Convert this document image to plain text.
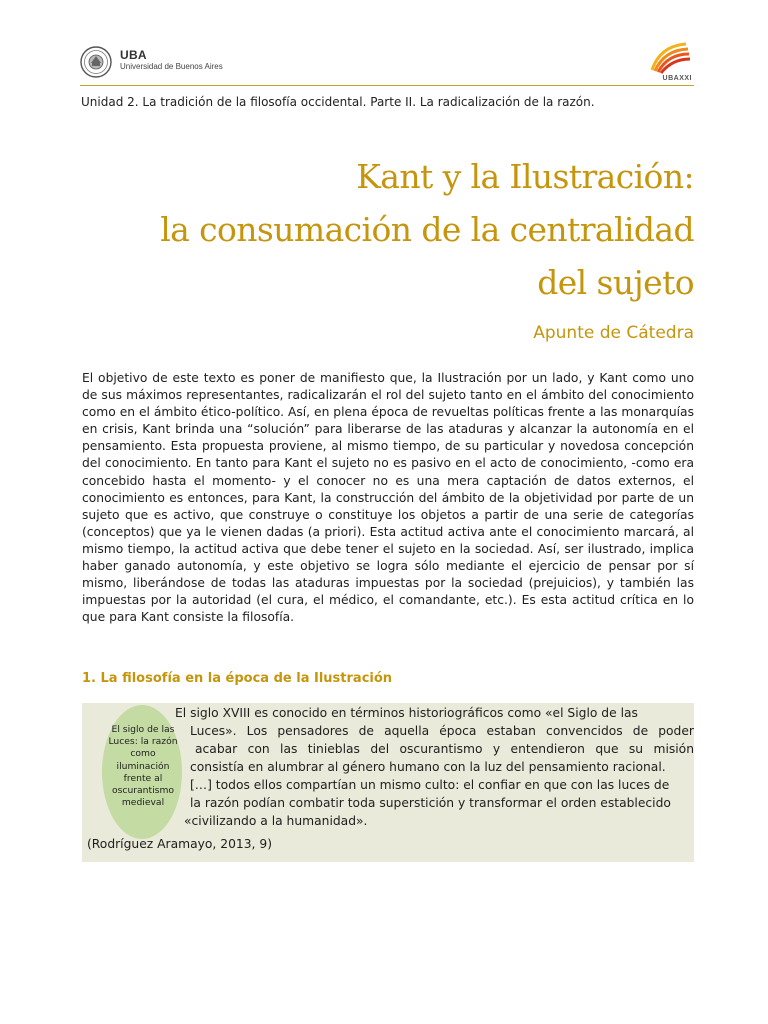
UBA
Universidad de Buenos Aires
UBAXXI
Unidad 2. La tradición de la filosofía occidental. Parte II. La radicalización de la razón.
Kant y la Ilustración:
la consumación de la centralidad
del sujeto
Apunte de Cátedra
El objetivo de este texto es poner de manifiesto que, la Ilustración por un lado, y Kant como uno de sus máximos representantes, radicalizarán el rol del sujeto tanto en el ámbito del conocimiento como en el ámbito ético-político. Así, en plena época de revueltas políticas frente a las monarquías en crisis, Kant brinda una “solución” para liberarse de las ataduras y alcanzar la autonomía en el pensamiento. Esta propuesta proviene, al mismo tiempo, de su particular y novedosa concepción del conocimiento. En tanto para Kant el sujeto no es pasivo en el acto de conocimiento, -como era concebido hasta el momento- y el conocer no es una mera captación de datos externos, el conocimiento es entonces, para Kant, la construcción del ámbito de la objetividad por parte de un sujeto que es activo, que construye o constituye los objetos a partir de una serie de categorías (conceptos) que ya le vienen dadas (a priori). Esta actitud activa ante el conocimiento marcará, al mismo tiempo, la actitud activa que debe tener el sujeto en la sociedad. Así, ser ilustrado, implica haber ganado autonomía, y este objetivo se logra sólo mediante el ejercicio de pensar por sí mismo, liberándose de todas las ataduras impuestas por la sociedad (prejuicios), y también las impuestas por la autoridad (el cura, el médico, el comandante, etc.). Es esta actitud crítica en lo que para Kant consiste la filosofía.
1. La filosofía en la época de la Ilustración
El siglo de las Luces: la razón como iluminación frente al oscurantismo medieval
El siglo XVIII es conocido en términos historiográficos como «el Siglo de las
Luces». Los pensadores de aquella época estaban convencidos de poder
acabar con las tinieblas del oscurantismo y entendieron que su misión
consistía en alumbrar al género humano con la luz del pensamiento racional.
[…] todos ellos compartían un mismo culto: el confiar en que con las luces de
la razón podían combatir toda superstición y transformar el orden establecido
«civilizando a la humanidad».
(Rodríguez Aramayo, 2013, 9)
